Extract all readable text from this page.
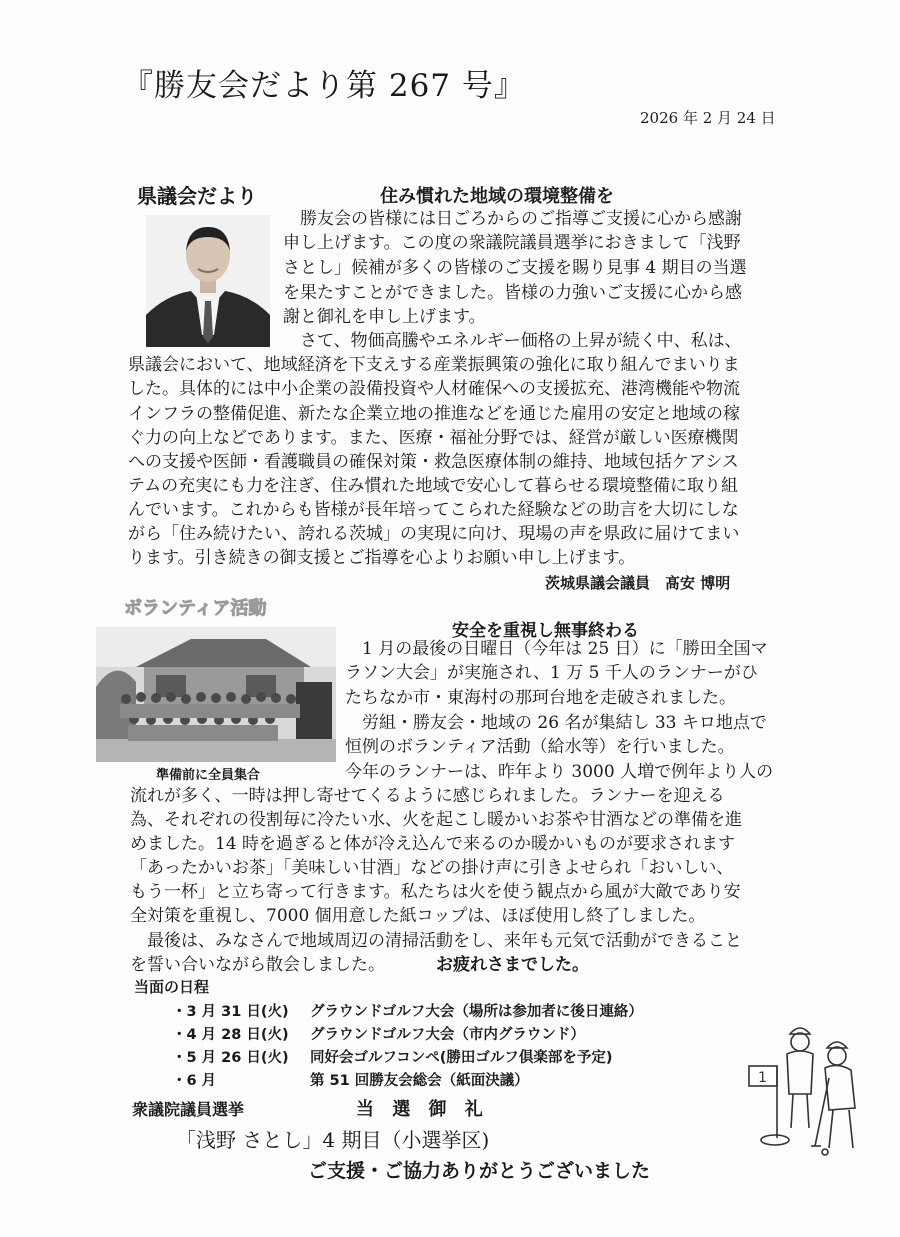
『勝友会だより第 267 号』
2026 年 2 月 24 日
県議会だより	住み慣れた地域の環境整備を
　勝友会の皆様には日ごろからのご指導ご支援に心から感謝
申し上げます。この度の衆議院議員選挙におきまして「浅野
さとし」候補が多くの皆様のご支援を賜り見事 4 期目の当選
を果たすことができました。皆様の力強いご支援に心から感
謝と御礼を申し上げます。
　さて、物価高騰やエネルギー価格の上昇が続く中、私は、
県議会において、地域経済を下支えする産業振興策の強化に取り組んでまいりま
した。具体的には中小企業の設備投資や人材確保への支援拡充、港湾機能や物流
インフラの整備促進、新たな企業立地の推進などを通じた雇用の安定と地域の稼
ぐ力の向上などであります。また、医療・福祉分野では、経営が厳しい医療機関
への支援や医師・看護職員の確保対策・救急医療体制の維持、地域包括ケアシス
テムの充実にも力を注ぎ、住み慣れた地域で安心して暮らせる環境整備に取り組
んでいます。これからも皆様が長年培ってこられた経験などの助言を大切にしな
がら「住み続けたい、誇れる茨城」の実現に向け、現場の声を県政に届けてまい
ります。引き続きの御支援とご指導を心よりお願い申し上げます。
茨城県議会議員　髙安 博明
ボランティア活動
安全を重視し無事終わる
準備前に全員集合
　1 月の最後の日曜日（今年は 25 日）に「勝田全国マ
ラソン大会」が実施され、1 万 5 千人のランナーがひ
たちなか市・東海村の那珂台地を走破されました。
　労組・勝友会・地域の 26 名が集結し 33 キロ地点で
恒例のボランティア活動（給水等）を行いました。
今年のランナーは、昨年より 3000 人増で例年より人の
流れが多く、一時は押し寄せてくるように感じられました。ランナーを迎える
為、それぞれの役割毎に冷たい水、火を起こし暖かいお茶や甘酒などの準備を進
めました。14 時を過ぎると体が冷え込んで来るのか暖かいものが要求されます
「あったかいお茶」「美味しい甘酒」などの掛け声に引きよせられ「おいしい、
もう一杯」と立ち寄って行きます。私たちは火を使う観点から風が大敵であり安
全対策を重視し、7000 個用意した紙コップは、ほぼ使用し終了しました。
　最後は、みなさんで地域周辺の清掃活動をし、来年も元気で活動ができること
を誓い合いながら散会しました。	お疲れさまでした。
当面の日程
・3 月 31 日(火) グラウンドゴルフ大会（場所は参加者に後日連絡）
・4 月 28 日(火) グラウンドゴルフ大会（市内グラウンド）
・5 月 26 日(火) 同好会ゴルフコンペ(勝田ゴルフ倶楽部を予定)
・6 月	第 51 回勝友会総会（紙面決議）
衆議院議員選挙	当 選 御 礼
「浅野 さとし」4 期目（小選挙区)
ご支援・ご協力ありがとうございました
1
